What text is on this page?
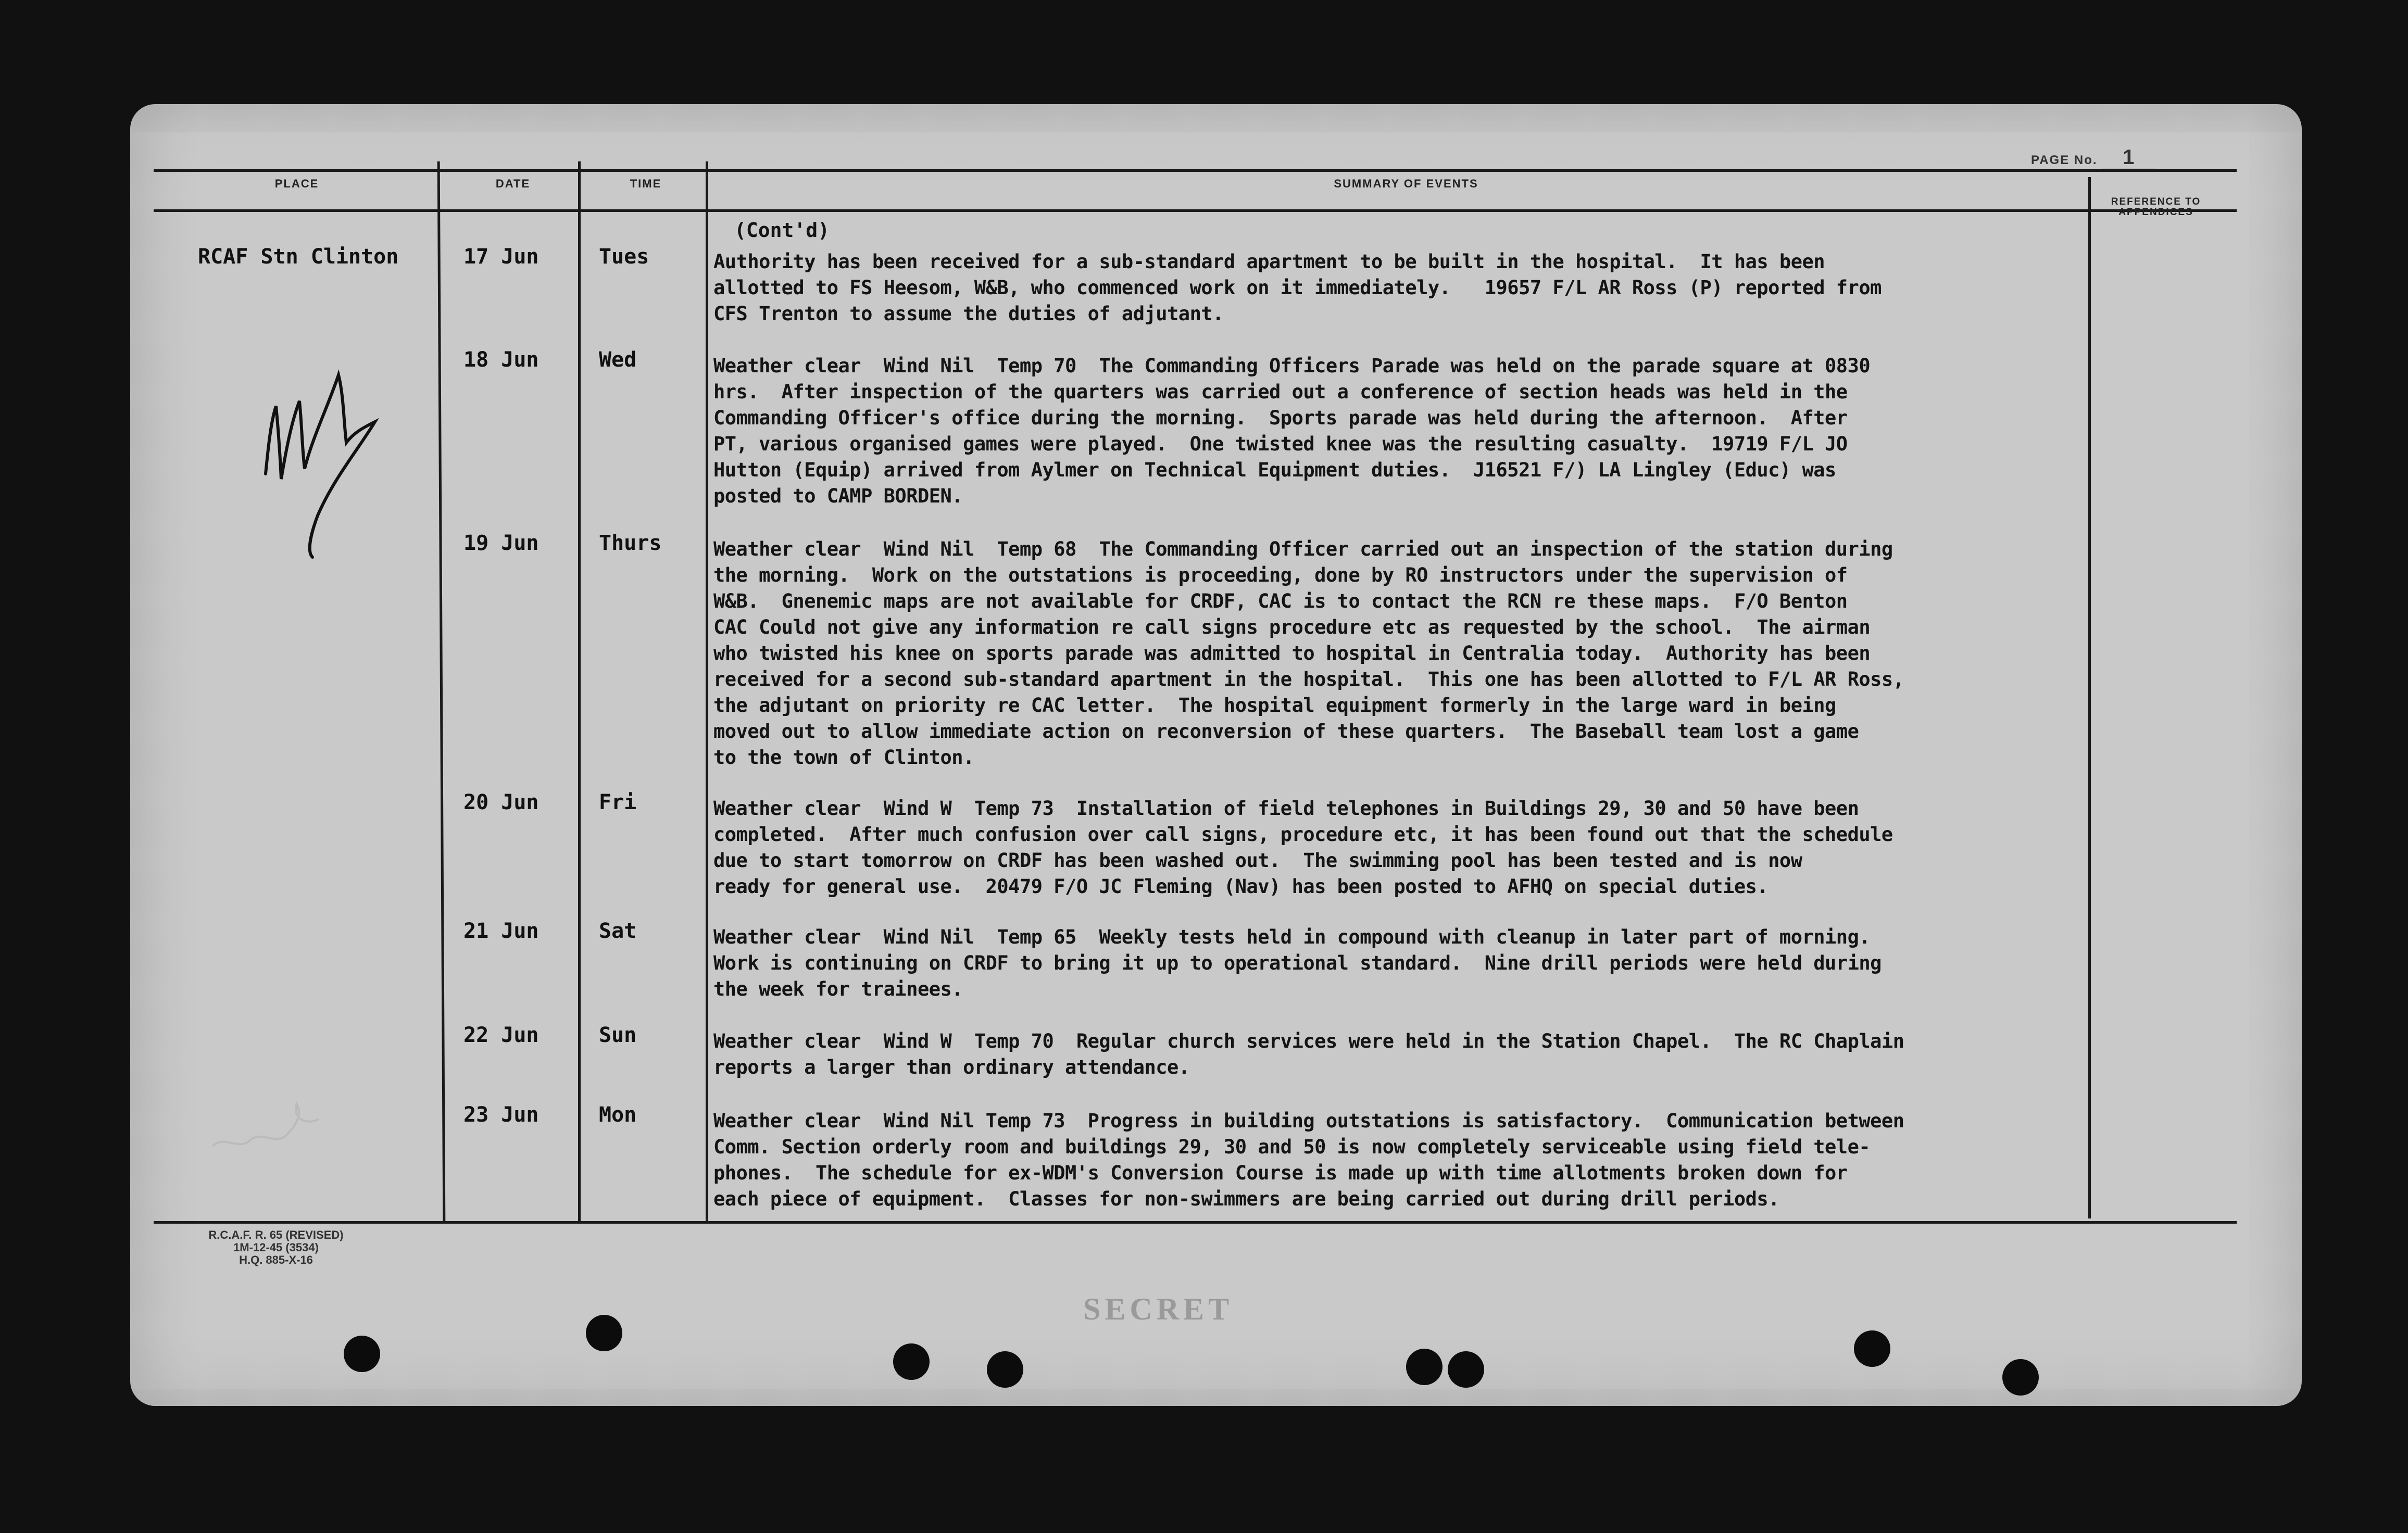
PAGE No. 1
PLACE	DATE	TIME	SUMMARY OF EVENTS
REFERENCE TO APPENDICES
RCAF Stn Clinton
(Cont'd)
17 Jun	Tues	Authority has been received for a sub-standard apartment to be built in the hospital.  It has been
allotted to FS Heesom, W&B, who commenced work on it immediately.   19657 F/L AR Ross (P) reported from
CFS Trenton to assume the duties of adjutant.
18 Jun	Wed	Weather clear  Wind Nil  Temp 70  The Commanding Officers Parade was held on the parade square at 0830
hrs.  After inspection of the quarters was carried out a conference of section heads was held in the
Commanding Officer's office during the morning.  Sports parade was held during the afternoon.  After
PT, various organised games were played.  One twisted knee was the resulting casualty.  19719 F/L JO
Hutton (Equip) arrived from Aylmer on Technical Equipment duties.  J16521 F/) LA Lingley (Educ) was
posted to CAMP BORDEN.
19 Jun	Thurs	Weather clear  Wind Nil  Temp 68  The Commanding Officer carried out an inspection of the station during
the morning.  Work on the outstations is proceeding, done by RO instructors under the supervision of
W&B.  Gnenemic maps are not available for CRDF, CAC is to contact the RCN re these maps.  F/O Benton
CAC Could not give any information re call signs procedure etc as requested by the school.  The airman
who twisted his knee on sports parade was admitted to hospital in Centralia today.  Authority has been
received for a second sub-standard apartment in the hospital.  This one has been allotted to F/L AR Ross,
the adjutant on priority re CAC letter.  The hospital equipment formerly in the large ward in being
moved out to allow immediate action on reconversion of these quarters.  The Baseball team lost a game
to the town of Clinton.
20 Jun	Fri	Weather clear  Wind W  Temp 73  Installation of field telephones in Buildings 29, 30 and 50 have been
completed.  After much confusion over call signs, procedure etc, it has been found out that the schedule
due to start tomorrow on CRDF has been washed out.  The swimming pool has been tested and is now
ready for general use.  20479 F/O JC Fleming (Nav) has been posted to AFHQ on special duties.
21 Jun	Sat	Weather clear  Wind Nil  Temp 65  Weekly tests held in compound with cleanup in later part of morning.
Work is continuing on CRDF to bring it up to operational standard.  Nine drill periods were held during
the week for trainees.
22 Jun	Sun	Weather clear  Wind W  Temp 70  Regular church services were held in the Station Chapel.  The RC Chaplain
reports a larger than ordinary attendance.
23 Jun	Mon	Weather clear  Wind Nil Temp 73  Progress in building outstations is satisfactory.  Communication between
Comm. Section orderly room and buildings 29, 30 and 50 is now completely serviceable using field tele-
phones.  The schedule for ex-WDM's Conversion Course is made up with time allotments broken down for
each piece of equipment.  Classes for non-swimmers are being carried out during drill periods.
R.C.A.F. R. 65 (REVISED)
1M-12-45 (3534)
H.Q. 885-X-16
SECRET
